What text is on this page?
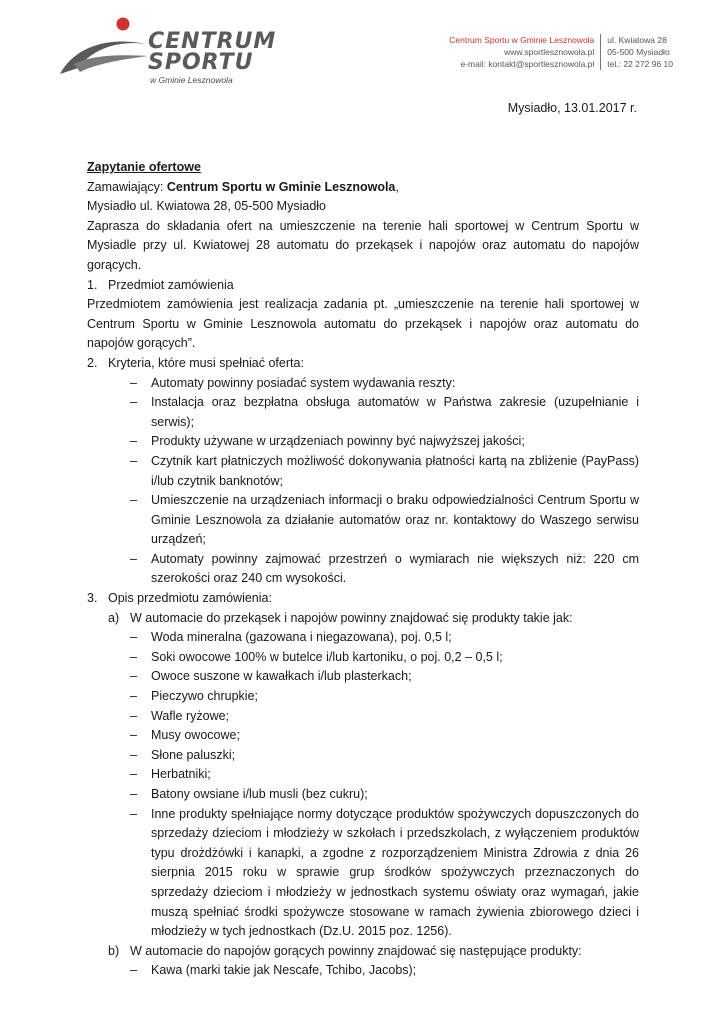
CENTRUM
SPORTU
w Gminie Lesznowola
Centrum Sportu w Gminie Lesznowola
www.sportlesznowola.pl
e-mail: kontakt@sportlesznowola.pl
ul. Kwiatowa 28
05-500 Mysiadło
tel.: 22 272 96 10
Mysiadło, 13.01.2017 r.

Zapytanie ofertowe

Zamawiający: Centrum Sportu w Gminie Lesznowola,

Mysiadło ul. Kwiatowa 28, 05-500 Mysiadło

Zaprasza do składania ofert na umieszczenie na terenie hali sportowej w Centrum Sportu w Mysiadle przy ul. Kwiatowej 28 automatu do przekąsek i napojów oraz automatu do napojów gorących.

1. Przedmiot zamówienia

Przedmiotem zamówienia jest realizacja zadania pt. „umieszczenie na terenie hali sportowej w Centrum Sportu w Gminie Lesznowola automatu do przekąsek i napojów oraz automatu do napojów gorących”.

2. Kryteria, które musi spełniać oferta:
–	Automaty powinny posiadać system wydawania reszty:
–	Instalacja oraz bezpłatna obsługa automatów w Państwa zakresie (uzupełnianie i serwis);
–	Produkty używane w urządzeniach powinny być najwyższej jakości;
–	Czytnik kart płatniczych możliwość dokonywania płatności kartą na zbliżenie (PayPass) i/lub czytnik banknotów;
–	Umieszczenie na urządzeniach informacji o braku odpowiedzialności Centrum Sportu w Gminie Lesznowola za działanie automatów oraz nr. kontaktowy do Waszego serwisu urządzeń;
–	Automaty powinny zajmować przestrzeń o wymiarach nie większych niż: 220 cm szerokości oraz 240 cm wysokości.
3. Opis przedmiotu zamówienia:
a) W automacie do przekąsek i napojów powinny znajdować się produkty takie jak:
–	Woda mineralna (gazowana i niegazowana), poj. 0,5 l;
–	Soki owocowe 100% w butelce i/lub kartoniku, o poj. 0,2 – 0,5 l;
–	Owoce suszone w kawałkach i/lub plasterkach;
–	Pieczywo chrupkie;
–	Wafle ryżowe;
–	Musy owocowe;
–	Słone paluszki;
–	Herbatniki;
–	Batony owsiane i/lub musli (bez cukru);
–	Inne produkty spełniające normy dotyczące produktów spożywczych dopuszczonych do sprzedaży dzieciom i młodzieży w szkołach i przedszkolach, z wyłączeniem produktów typu drożdżówki i kanapki, a zgodne z rozporządzeniem Ministra Zdrowia z dnia 26 sierpnia 2015 roku w sprawie grup środków spożywczych przeznaczonych do sprzedaży dzieciom i młodzieży w jednostkach systemu oświaty oraz wymagań, jakie muszą spełniać środki spożywcze stosowane w ramach żywienia zbiorowego dzieci i młodzieży w tych jednostkach (Dz.U. 2015 poz. 1256).
b) W automacie do napojów gorących powinny znajdować się następujące produkty:
–	Kawa (marki takie jak Nescafe, Tchibo, Jacobs);
